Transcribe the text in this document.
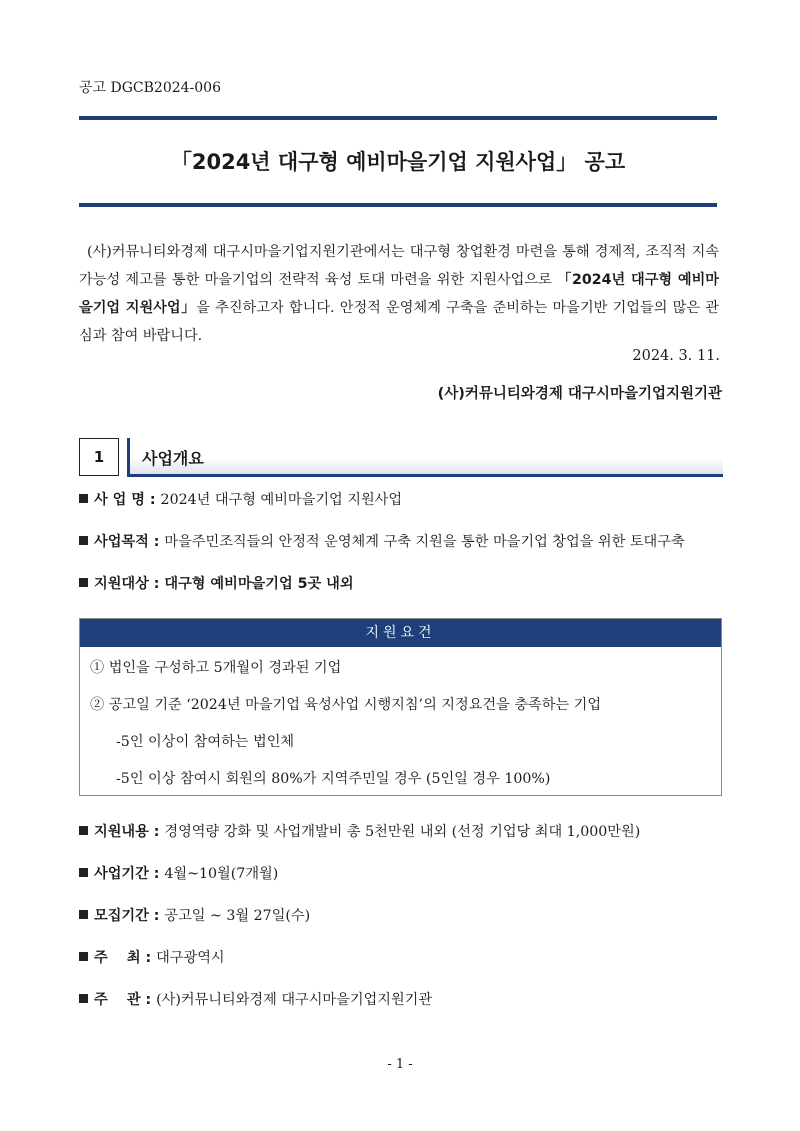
공고 DGCB2024-006
「2024년 대구형 예비마을기업 지원사업」 공고

(사)커뮤니티와경제 대구시마을기업지원기관에서는 대구형 창업환경 마련을 통해 경제적, 조직적 지속가능성 제고를 통한 마을기업의 전략적 육성 토대 마련을 위한 지원사업으로 「2024년 대구형 예비마을기업 지원사업」을 추진하고자 합니다. 안정적 운영체계 구축을 준비하는 마을기반 기업들의 많은 관심과 참여 바랍니다.

2024. 3. 11.
(사)커뮤니티와경제 대구시마을기업지원기관
1	사업개요
사 업 명 : 2024년 대구형 예비마을기업 지원사업
사업목적 : 마을주민조직들의 안정적 운영체계 구축 지원을 통한 마을기업 창업을 위한 토대구축
지원대상 : 대구형 예비마을기업 5곳 내외
지원요건
① 법인을 구성하고 5개월이 경과된 기업
② 공고일 기준 ‘2024년 마을기업 육성사업 시행지침’의 지정요건을 충족하는 기업
-5인 이상이 참여하는 법인체
-5인 이상 참여시 회원의 80%가 지역주민일 경우 (5인일 경우 100%)
지원내용 : 경영역량 강화 및 사업개발비 총 5천만원 내외 (선정 기업당 최대 1,000만원)
사업기간 : 4월~10월(7개월)
모집기간 : 공고일 ~ 3월 27일(수)
주　 최 : 대구광역시
주　 관 : (사)커뮤니티와경제 대구시마을기업지원기관
- 1 -
